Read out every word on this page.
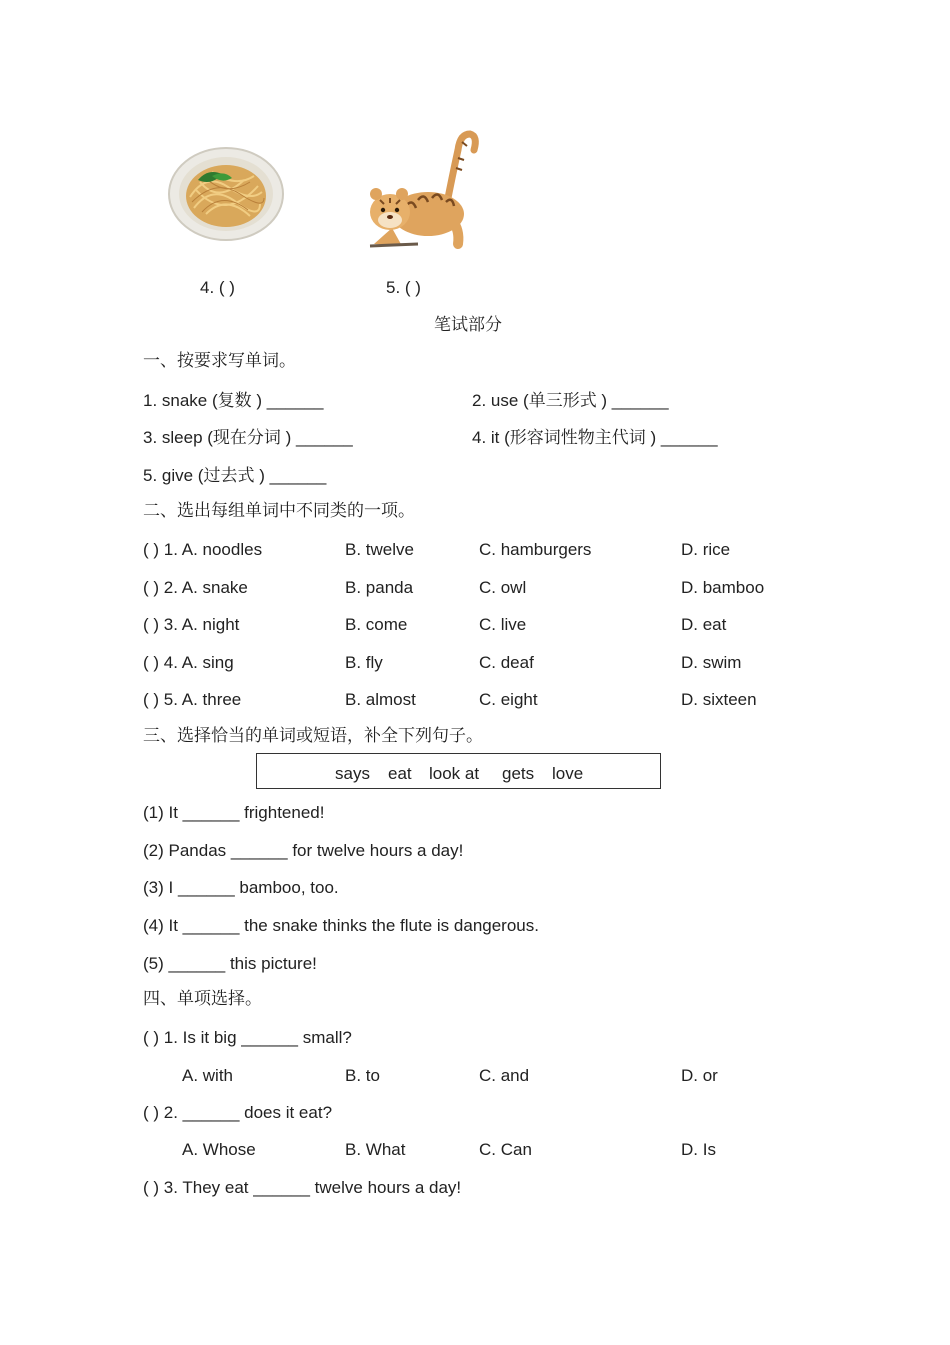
4. ( )	5. ( )
笔试部分
一、按要求写单词。
1. snake (复数 ) ______	2. use (单三形式 ) ______
3. sleep (现在分词 ) ______	4. it (形容词性物主代词 ) ______
5. give (过去式 ) ______
二、选出每组单词中不同类的一项。
( ) 1. A. noodles	B. twelve	C. hamburgers	D. rice
( ) 2. A. snake	B. panda	C. owl	D. bamboo
( ) 3. A. night	B. come	C. live	D. eat
( ) 4. A. sing	B. fly	C. deaf	D. swim
( ) 5. A. three	B. almost	C. eight	D. sixteen
三、选择恰当的单词或短语，补全下列句子。
says eat look at gets love
(1) It ______ frightened!
(2) Pandas ______ for twelve hours a day!
(3) I ______ bamboo, too.
(4) It ______ the snake thinks the flute is dangerous.
(5) ______ this picture!
四、单项选择。
( ) 1. Is it big ______ small?
A. with	B. to	C. and	D. or
( ) 2. ______ does it eat?
A. Whose	B. What	C. Can	D. Is
( ) 3. They eat ______ twelve hours a day!
